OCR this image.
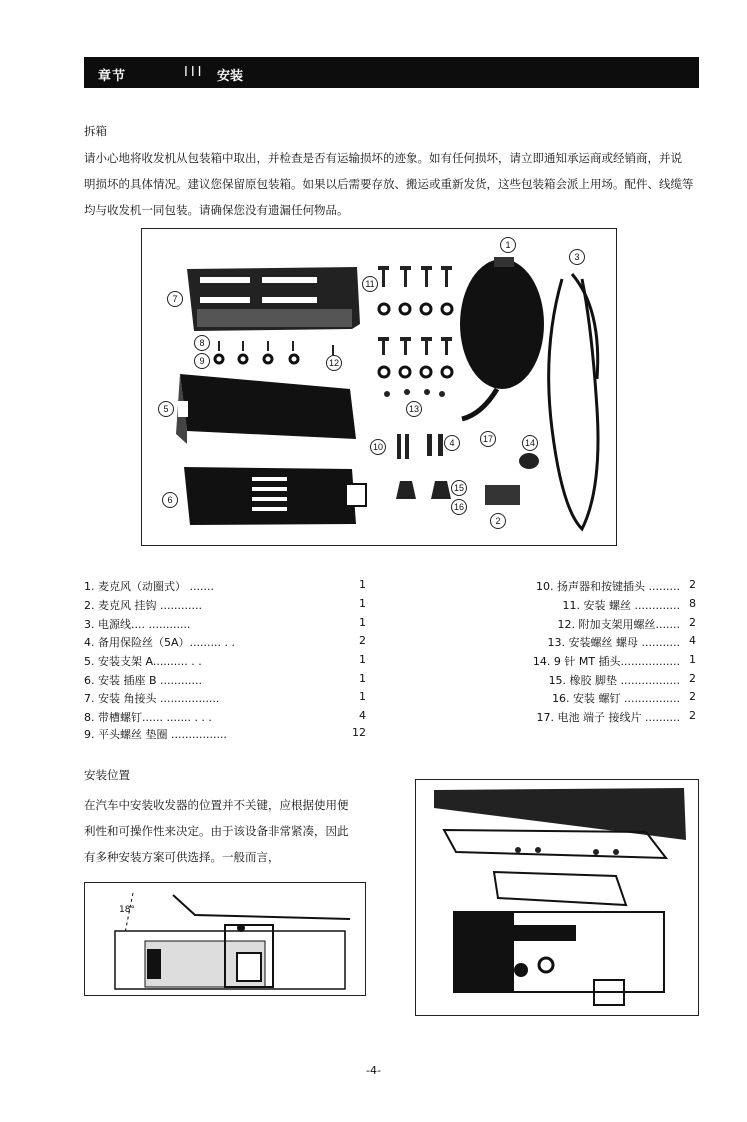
章节	III 安装
拆箱
请小心地将收发机从包装箱中取出，并检查是否有运输损坏的迹象。如有任何损坏，请立即通知承运商或经销商，并说
明损坏的具体情况。建议您保留原包装箱。如果以后需要存放、搬运或重新发货，这些包装箱会派上用场。配件、线缆等
均与收发机一同包装。请确保您没有遗漏任何物品。
1
2
3
4
5
6
7
8
9
10
11
12
13
14
15
16
17
1. 麦克风（动圈式） .......	1
2. 麦克风 挂钩 ............	1
3. 电源线.... ............	1
4. 备用保险丝（5A）......... . .	2
5. 安装支架 A.......... . .	1
6. 安装 插座 B ............	1
7. 安装 角接头 .................	1
8. 带槽螺钉...... ....... . . .	4
9. 平头螺丝 垫圈 ................	12
10. 扬声器和按键插头 ......... 2
11. 安装 螺丝 ............. 8
12. 附加支架用螺丝....... 2
13. 安装螺丝 螺母 ........... 4
14. 9 针 MT 插头................. 1
15. 橡胶 脚垫 ................. 2
16. 安装 螺钉 ................ 2
17. 电池 端子 接线片 .......... 2
安装位置
在汽车中安装收发器的位置并不关键，应根据使用便
利性和可操作性来决定。由于该设备非常紧凑，因此
有多种安装方案可供选择。一般而言，
18°
-4-
